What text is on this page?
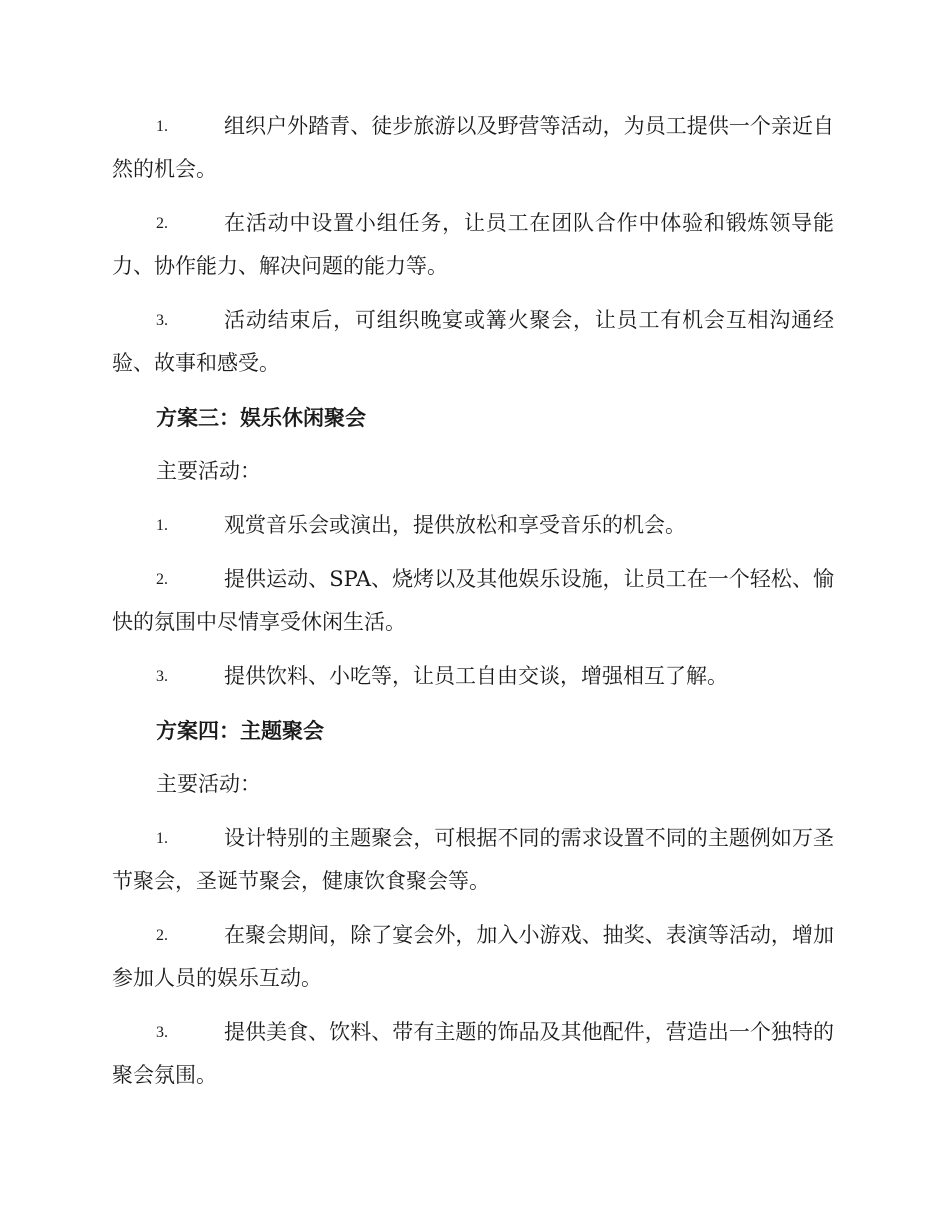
1.	组织户外踏青、徒步旅游以及野营等活动，为员工提供一个亲近自然的机会。
2.	在活动中设置小组任务，让员工在团队合作中体验和锻炼领导能力、协作能力、解决问题的能力等。
3.	活动结束后，可组织晚宴或篝火聚会，让员工有机会互相沟通经验、故事和感受。
方案三：娱乐休闲聚会
主要活动：
1.	观赏音乐会或演出，提供放松和享受音乐的机会。
2.	提供运动、SPA、烧烤以及其他娱乐设施，让员工在一个轻松、愉快的氛围中尽情享受休闲生活。
3.	提供饮料、小吃等，让员工自由交谈，增强相互了解。
方案四：主题聚会
主要活动：
1.	设计特别的主题聚会，可根据不同的需求设置不同的主题例如万圣节聚会，圣诞节聚会，健康饮食聚会等。
2.	在聚会期间，除了宴会外，加入小游戏、抽奖、表演等活动，增加参加人员的娱乐互动。
3.	提供美食、饮料、带有主题的饰品及其他配件，营造出一个独特的聚会氛围。
